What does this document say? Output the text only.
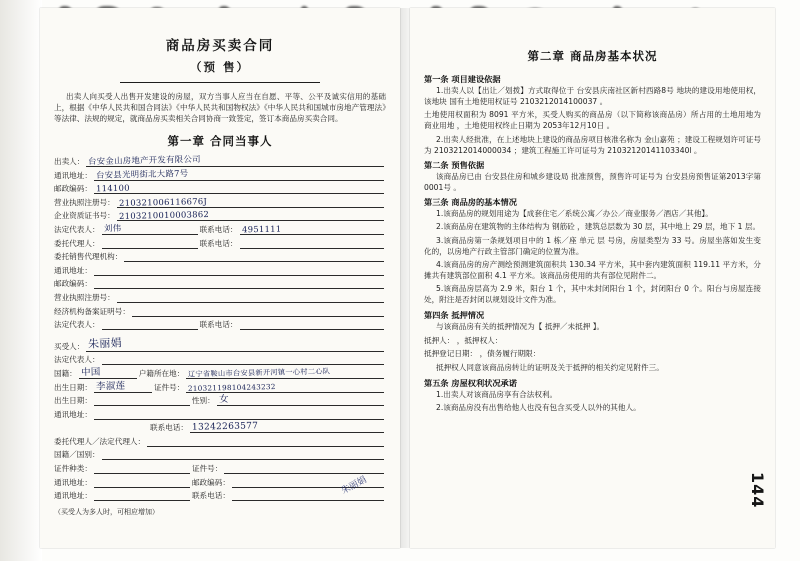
商品房买卖合同
（预 售）

出卖人向买受人出售开发建设的房屋，双方当事人应当在自愿、平等、公平及诚实信用的基础上，根据《中华人民共和国合同法》《中华人民共和国物权法》《中华人民共和国城市房地产管理法》等法律、法规的规定，就商品房买卖相关合同协商一致签定，签订本商品房买卖合同。

第一章 合同当事人
出卖人： 台安金山房地产开发有限公司
通讯地址： 台安县光明街北大路7号
邮政编码： 114100
营业执照注册号： 210321006116676J
企业资质证书号： 2103210010003862
法定代表人： 刘伟	联系电话： 4951111
委托代理人：	联系电话：
委托销售代理机构：
通讯地址：
邮政编码：
营业执照注册号：
经济机构备案证明号：
法定代表人：	联系电话：
买受人： 朱丽娟
法定代表人：
国籍： 中国	户籍所在地： 辽宁省鞍山市台安县新开河镇一心村二心队
出生日期： 李淑莲	证件号： 210321198104243232
出生日期：	性别： 女
通讯地址：
联系电话： 13242263577
委托代理人／法定代理人：
国籍／国别：
证件种类：	证件号：
通讯地址：	邮政编码：
通讯地址：	联系电话：
（买受人为多人时，可相应增加）
朱丽娟
第二章 商品房基本状况
第一条 项目建设依据

1.出卖人以【出让／划拨】方式取得位于 台安县庆南社区新村西路8号 地块的建设用地使用权，该地块 国有土地使用权证号 2103212014100037 。

土地使用权面积为 8091 平方米，买受人购买的商品房（以下简称该商品房）所占用的土地用地为 商业用地 ，土地使用权终止日期为 2053年12月10日 。

2.出卖人经批准，在上述地块上建设的商品房项目核准名称为 金山嘉苑 ；建设工程规划许可证号为 2103212014000034 ；建筑工程施工许可证号为 21032120141103340l 。

第二条 预售依据

该商品房已由 台安县住房和城乡建设局 批准预售，预售许可证号为 台安县房预售证第2013字第0001号 。

第三条 商品房的基本情况

1.该商品房的规划用途为【成套住宅／系统公寓／办公／商业服务／酒店／其他】。

2.该商品房在建筑物的主体结构为 钢筋砼 ，建筑总层数为 30 层，其中地上 29 层，地下 1 层。

3.该商品房第一条规划项目中的 1 栋／座 单元 层 号房，房屋类型为 33 号。房屋坐落如发生变化的，以房地产行政主管部门确定的位置为准。

4.该商品房的房产测绘预测建筑面积共 130.34 平方米，其中套内建筑面积 119.11 平方米，分摊共有建筑部位面积 4.1 平方米。该商品房使用的共有部位见附件二。

5.该商品房层高为 2.9 米，阳台 1 个，其中未封闭阳台 1 个，封闭阳台 0 个。阳台与房屋连接处，附注是否封闭以规划设计文件为准。

第四条 抵押情况

与该商品房有关的抵押情况为【 抵押／未抵押 】。

抵押人： ，抵押权人：

抵押登记日期： ，债务履行期限：

抵押权人同意该商品房转让的证明及关于抵押的相关约定见附件三。

第五条 房屋权利状况承诺

1.出卖人对该商品房享有合法权利。

2.该商品房没有出售给他人也没有包含买受人以外的其他人。

144
